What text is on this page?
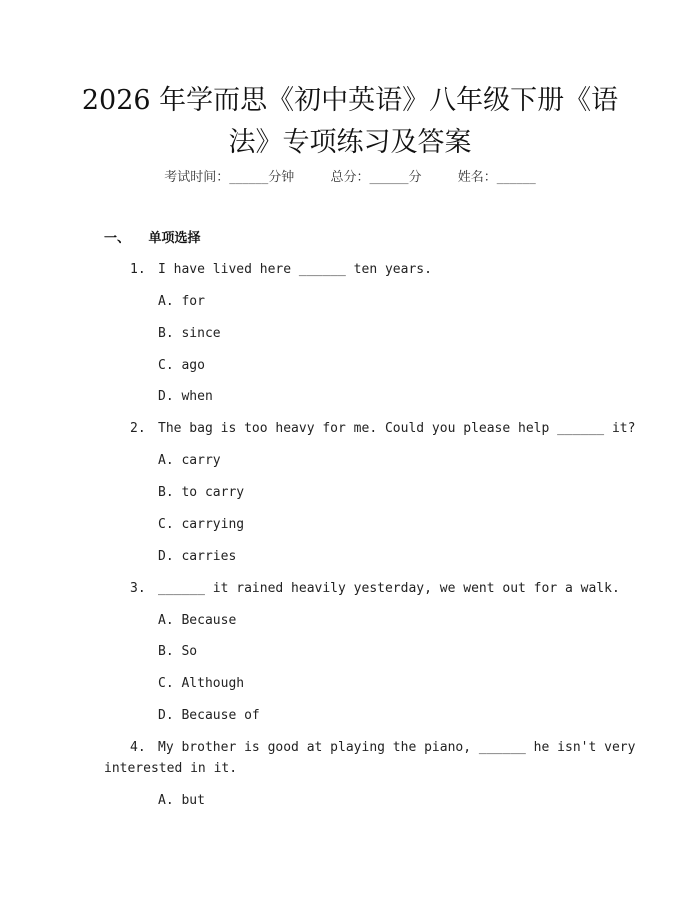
2026 年学而思《初中英语》八年级下册《语
法》专项练习及答案
考试时间：______分钟	总分：______分	姓名：______
一、 单项选择
1. I have lived here ______ ten years.
A. for
B. since
C. ago
D. when
2. The bag is too heavy for me. Could you please help ______ it?
A. carry
B. to carry
C. carrying
D. carries
3. ______ it rained heavily yesterday, we went out for a walk.
A. Because
B. So
C. Although
D. Because of
4. My brother is good at playing the piano, ______ he isn't very
interested in it.
A. but
